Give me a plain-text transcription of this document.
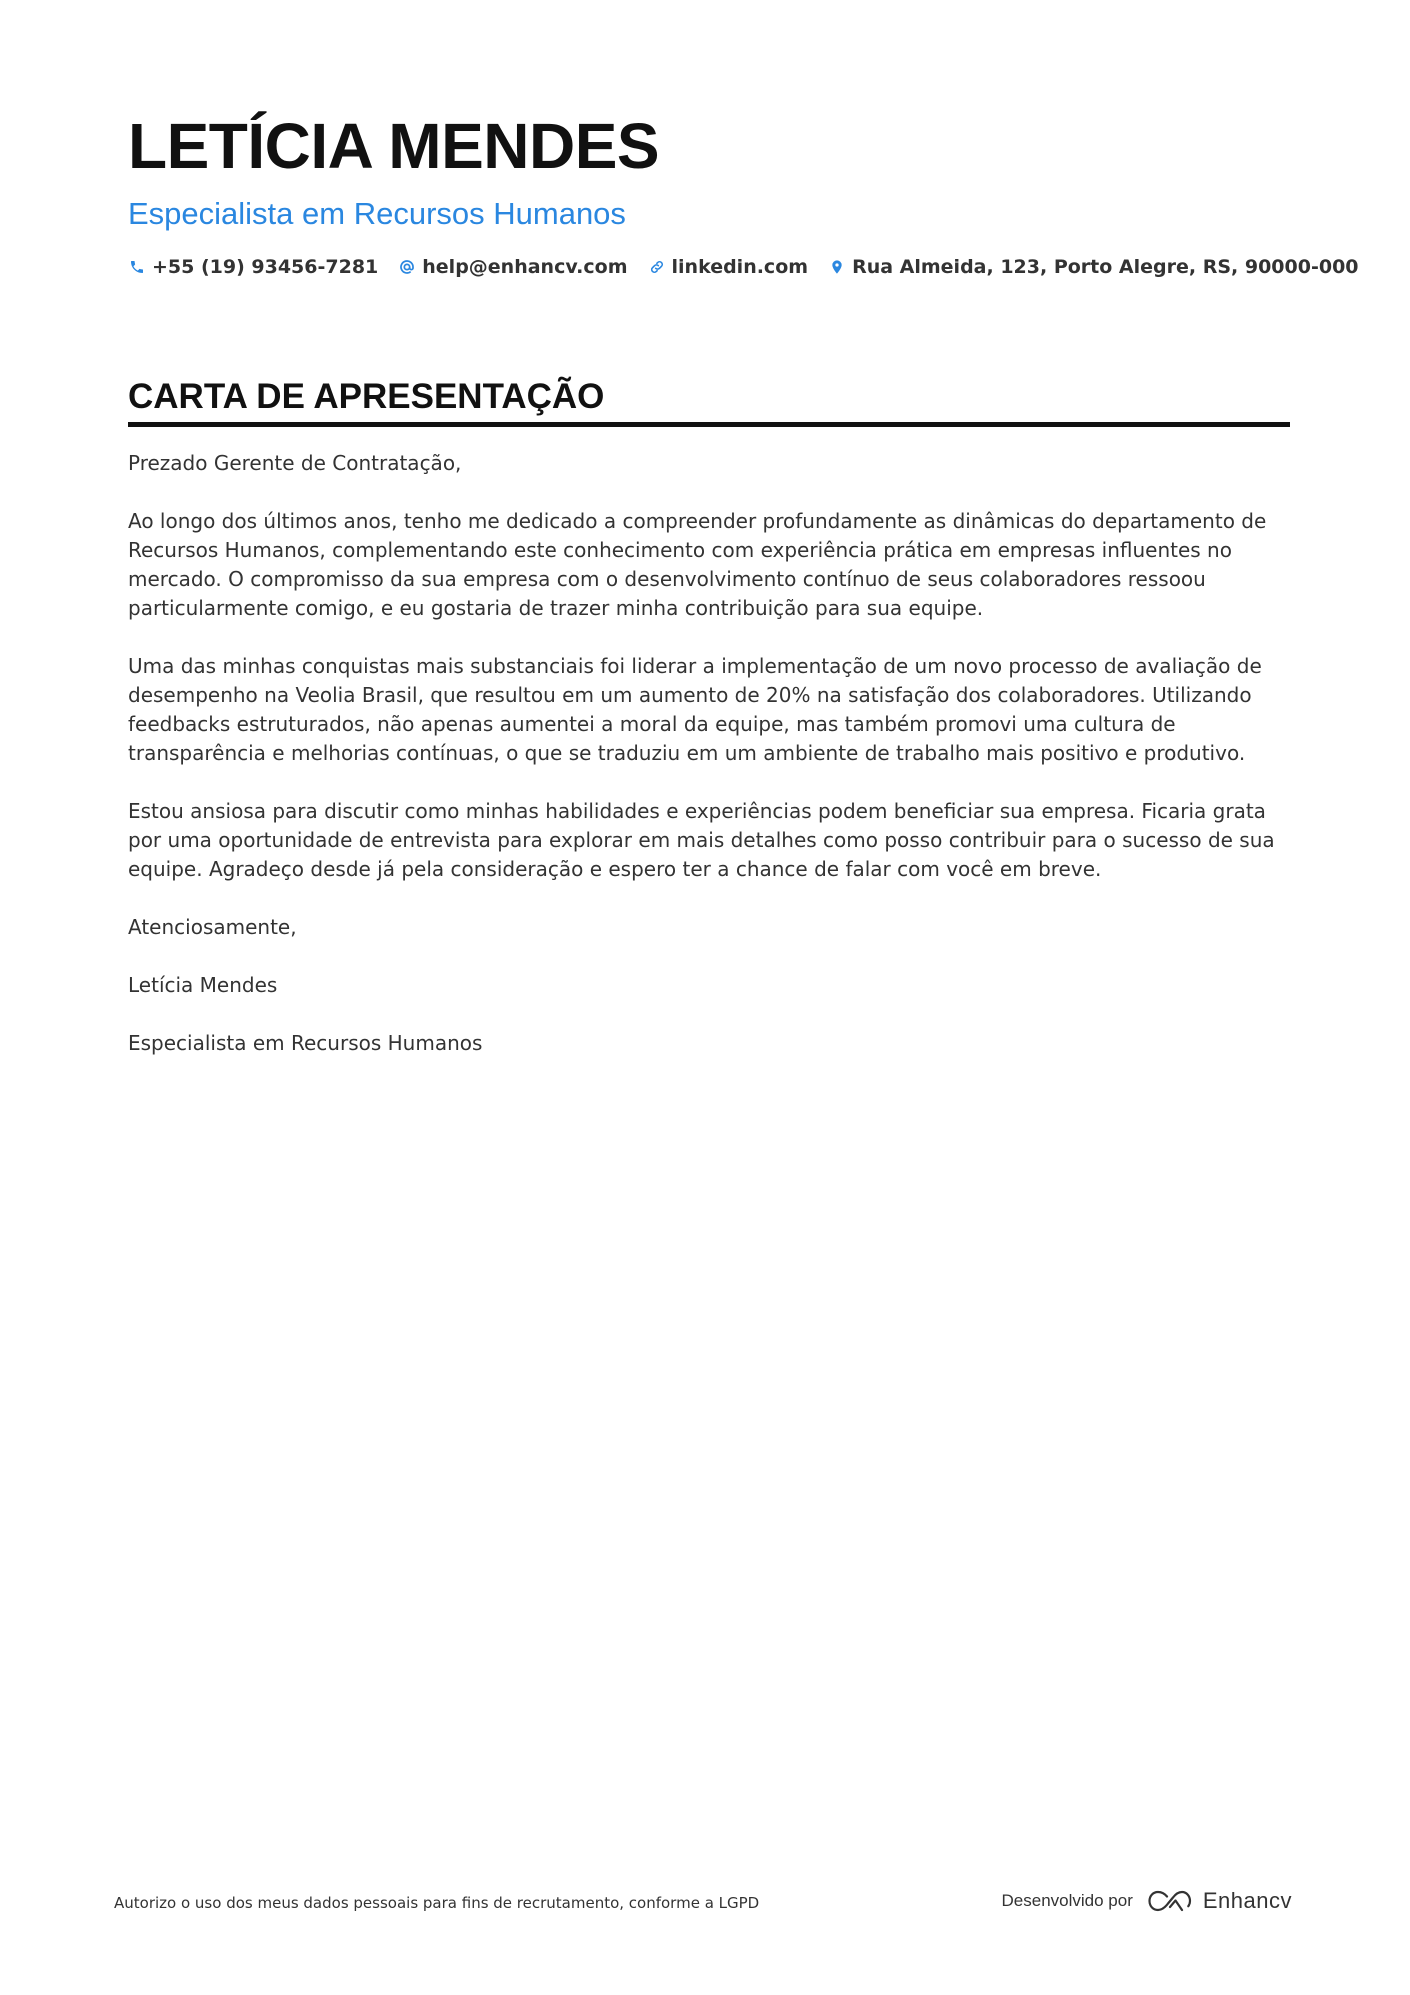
LETÍCIA MENDES
Especialista em Recursos Humanos
+55 (19) 93456-7281 help@enhancv.com linkedin.com Rua Almeida, 123, Porto Alegre, RS, 90000-000
CARTA DE APRESENTAÇÃO

Prezado Gerente de Contratação,

Ao longo dos últimos anos, tenho me dedicado a compreender profundamente as dinâmicas do departamento de Recursos Humanos, complementando este conhecimento com experiência prática em empresas influentes no mercado. O compromisso da sua empresa com o desenvolvimento contínuo de seus colaboradores ressoou particularmente comigo, e eu gostaria de trazer minha contribuição para sua equipe.

Uma das minhas conquistas mais substanciais foi liderar a implementação de um novo processo de avaliação de desempenho na Veolia Brasil, que resultou em um aumento de 20% na satisfação dos colaboradores. Utilizando feedbacks estruturados, não apenas aumentei a moral da equipe, mas também promovi uma cultura de transparência e melhorias contínuas, o que se traduziu em um ambiente de trabalho mais positivo e produtivo.

Estou ansiosa para discutir como minhas habilidades e experiências podem beneficiar sua empresa. Ficaria grata por uma oportunidade de entrevista para explorar em mais detalhes como posso contribuir para o sucesso de sua equipe. Agradeço desde já pela consideração e espero ter a chance de falar com você em breve.

Atenciosamente,

Letícia Mendes

Especialista em Recursos Humanos

Autorizo o uso dos meus dados pessoais para fins de recrutamento, conforme a LGPD	Desenvolvido por	Enhancv
